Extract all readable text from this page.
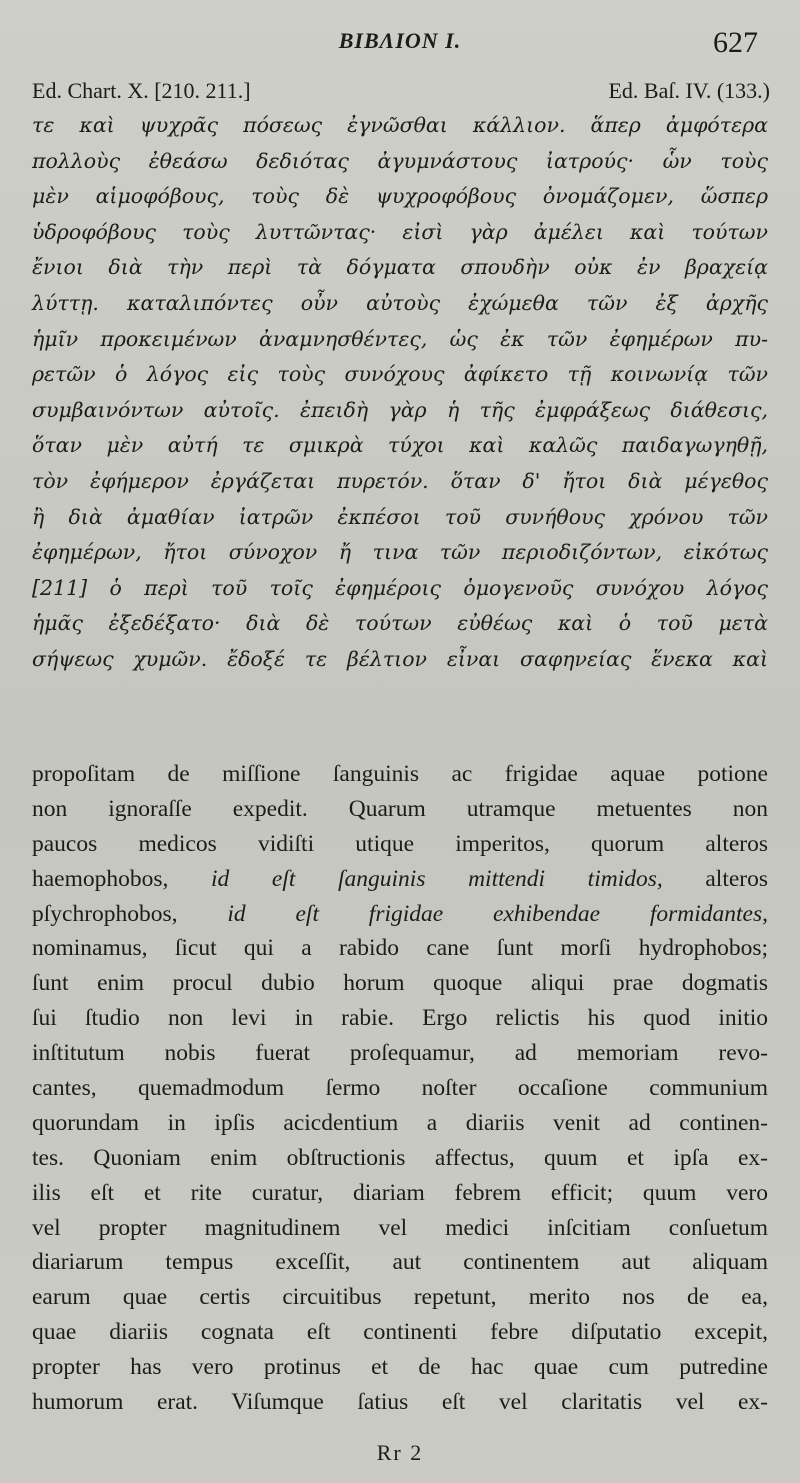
ΒΙΒΛΙΟΝ Ι.	627
Ed. Chart. X. [210. 211.]	Ed. Baſ. IV. (133.)
τε καὶ ψυχρᾶς πόσεως ἐγνῶσθαι κάλλιον. ἅπερ ἀμφότερα
πολλοὺς ἐθεάσω δεδιότας ἀγυμνάστους ἰατρούς· ὧν τοὺς
μὲν αἱμοφόβους, τοὺς δὲ ψυχροφόβους ὀνομάζομεν, ὥσπερ
ὑδροφόβους τοὺς λυττῶντας· εἰσὶ γὰρ ἀμέλει καὶ τούτων
ἔνιοι διὰ τὴν περὶ τὰ δόγματα σπουδὴν οὐκ ἐν βραχείᾳ
λύττῃ. καταλιπόντες οὖν αὐτοὺς ἐχώμεθα τῶν ἐξ ἀρχῆς
ἡμῖν προκειμένων ἀναμνησθέντες, ὡς ἐκ τῶν ἐφημέρων πυ-
ρετῶν ὁ λόγος εἰς τοὺς συνόχους ἀφίκετο τῇ κοινωνίᾳ τῶν
συμβαινόντων αὐτοῖς. ἐπειδὴ γὰρ ἡ τῆς ἐμφράξεως διάθεσις,
ὅταν μὲν αὐτή τε σμικρὰ τύχοι καὶ καλῶς παιδαγωγηθῇ,
τὸν ἐφήμερον ἐργάζεται πυρετόν. ὅταν δ' ἤτοι διὰ μέγεθος
ἢ διὰ ἀμαθίαν ἰατρῶν ἐκπέσοι τοῦ συνήθους χρόνου τῶν
ἐφημέρων, ἤτοι σύνοχον ἤ τινα τῶν περιοδιζόντων, εἰκότως
[211] ὁ περὶ τοῦ τοῖς ἐφημέροις ὁμογενοῦς συνόχου λόγος
ἡμᾶς ἐξεδέξατο· διὰ δὲ τούτων εὐθέως καὶ ὁ τοῦ μετὰ
σήψεως χυμῶν. ἔδοξέ τε βέλτιον εἶναι σαφηνείας ἕνεκα καὶ
propoſitam de miſſione ſanguinis ac frigidae aquae potione
non ignoraſſe expedit. Quarum utramque metuentes non
paucos medicos vidiſti utique imperitos, quorum alteros
haemophobos, id eſt ſanguinis mittendi timidos, alteros
pſychrophobos, id eſt frigidae exhibendae formidantes,
nominamus, ſicut qui a rabido cane ſunt morſi hydrophobos;
ſunt enim procul dubio horum quoque aliqui prae dogmatis
ſui ſtudio non levi in rabie. Ergo relictis his quod initio
inſtitutum nobis fuerat proſequamur, ad memoriam revo-
cantes, quemadmodum ſermo noſter occaſione communium
quorundam in ipſis acicdentium a diariis venit ad continen-
tes. Quoniam enim obſtructionis affectus, quum et ipſa ex-
ilis eſt et rite curatur, diariam febrem efficit; quum vero
vel propter magnitudinem vel medici inſcitiam conſuetum
diariarum tempus exceſſit, aut continentem aut aliquam
earum quae certis circuitibus repetunt, merito nos de ea,
quae diariis cognata eſt continenti febre diſputatio excepit,
propter has vero protinus et de hac quae cum putredine
humorum erat. Viſumque ſatius eſt vel claritatis vel ex-
Rr 2
